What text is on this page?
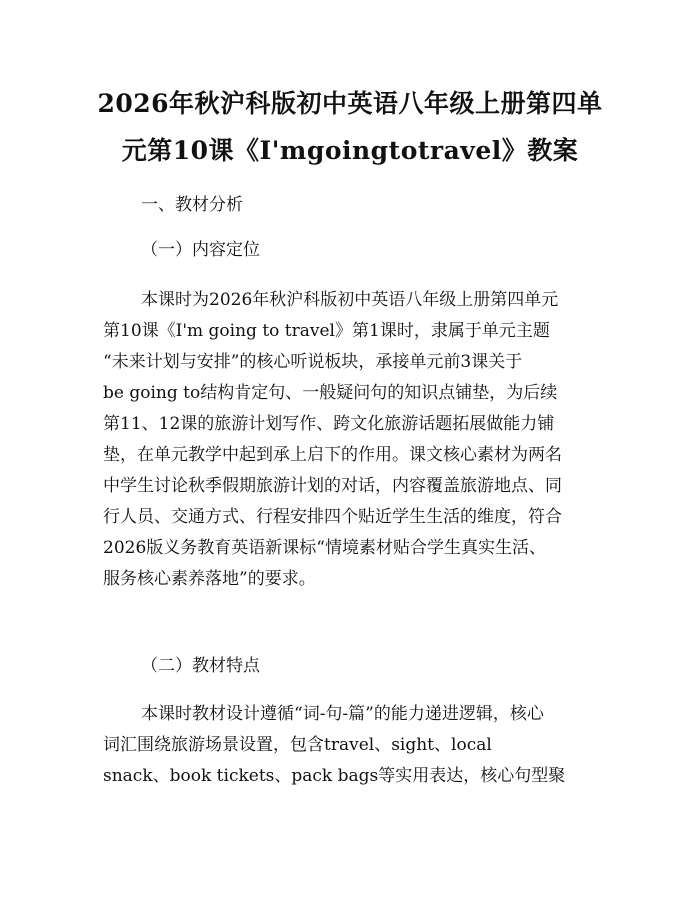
2026年秋沪科版初中英语八年级上册第四单
元第10课《I'mgoingtotravel》教案
一、教材分析
（一）内容定位
本课时为2026年秋沪科版初中英语八年级上册第四单元
第10课《I'm going to travel》第1课时，隶属于单元主题
“未来计划与安排”的核心听说板块，承接单元前3课关于
be going to结构肯定句、一般疑问句的知识点铺垫，为后续
第11、12课的旅游计划写作、跨文化旅游话题拓展做能力铺
垫，在单元教学中起到承上启下的作用。课文核心素材为两名
中学生讨论秋季假期旅游计划的对话，内容覆盖旅游地点、同
行人员、交通方式、行程安排四个贴近学生生活的维度，符合
2026版义务教育英语新课标“情境素材贴合学生真实生活、
服务核心素养落地”的要求。
（二）教材特点
本课时教材设计遵循“词-句-篇”的能力递进逻辑，核心
词汇围绕旅游场景设置，包含travel、sight、local
snack、book tickets、pack bags等实用表达，核心句型聚
